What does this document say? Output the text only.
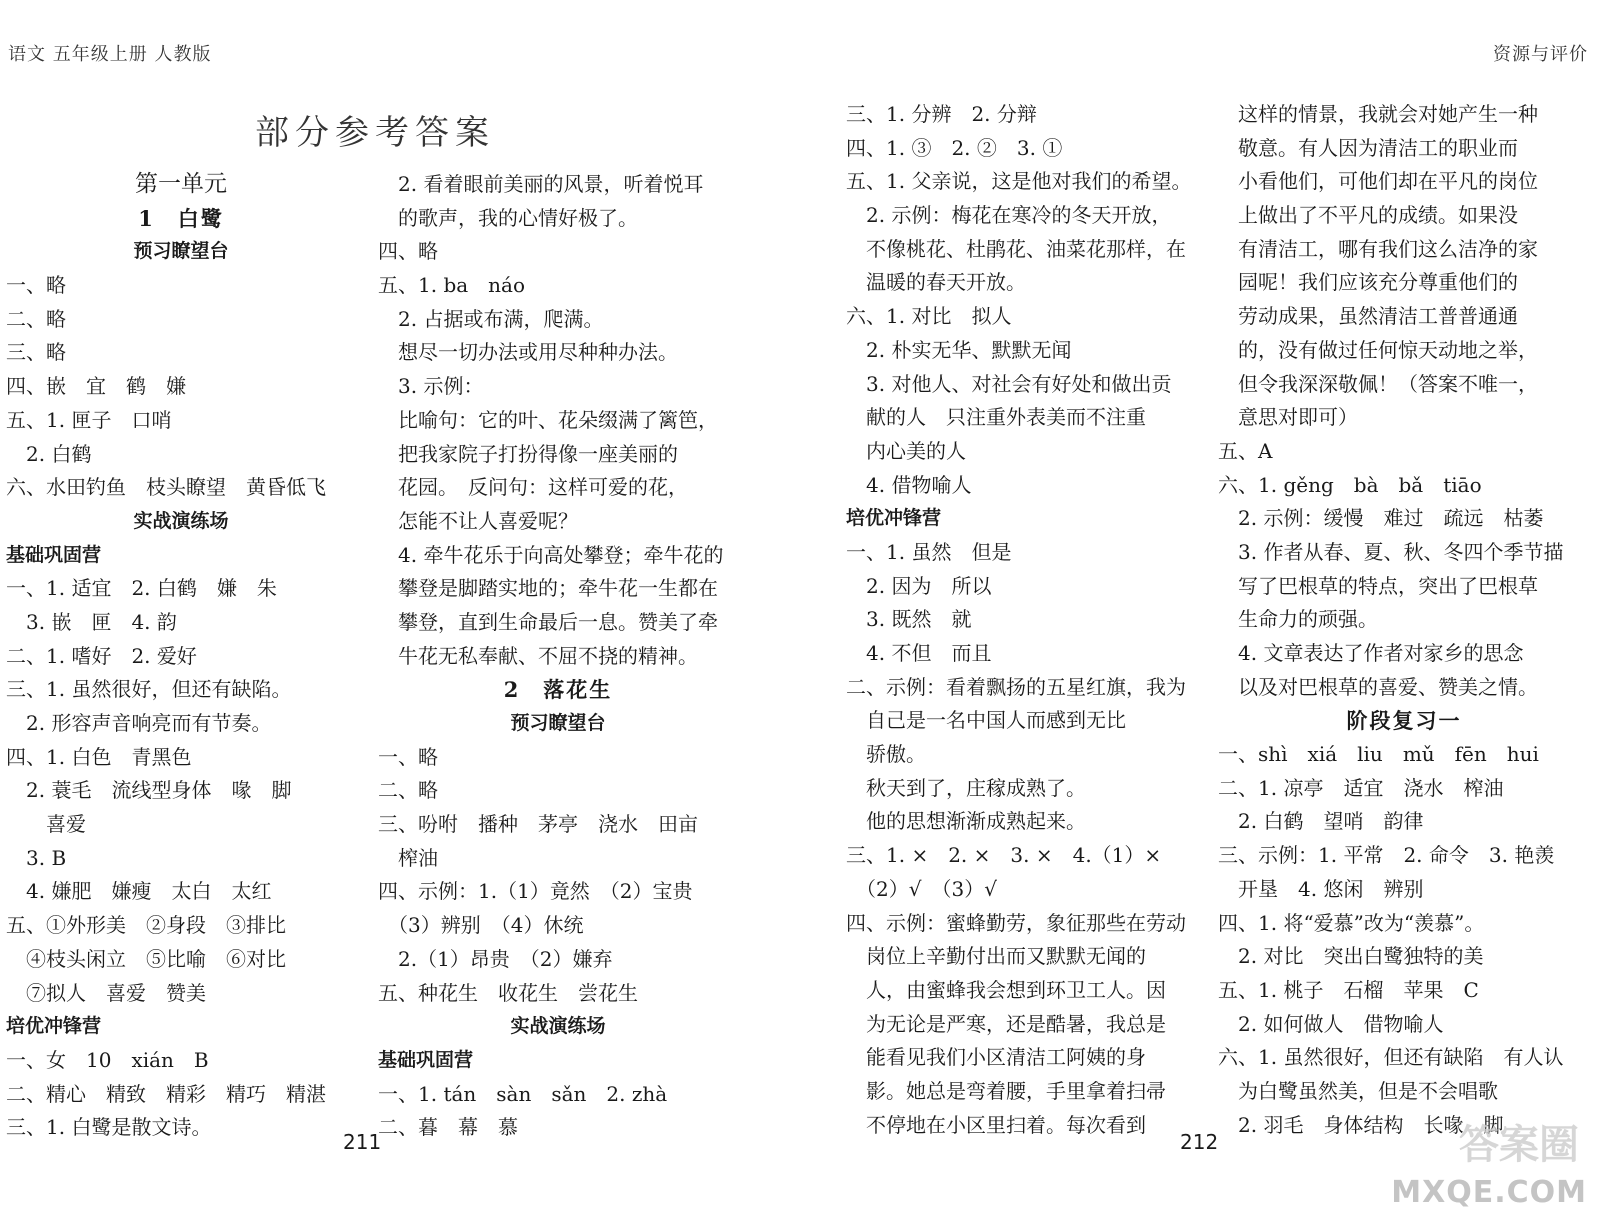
语文 五年级上册 人教版	资源与评价
部分参考答案
第一单元
1　白鹭
预习瞭望台
一、略
二、略
三、略
四、嵌　宜　鹤　嫌
五、1. 匣子　口哨
　2. 白鹤
六、水田钓鱼　枝头瞭望　黄昏低飞
实战演练场
基础巩固营
一、1. 适宜　2. 白鹤　嫌　朱
　3. 嵌　匣　4. 韵
二、1. 嗜好　2. 爱好
三、1. 虽然很好，但还有缺陷。
　2. 形容声音响亮而有节奏。
四、1. 白色　青黑色
　2. 蓑毛　流线型身体　喙　脚
　　喜爱
　3. B
　4. 嫌肥　嫌瘦　太白　太红
五、①外形美　②身段　③排比
　④枝头闲立　⑤比喻　⑥对比
　⑦拟人　喜爱　赞美
培优冲锋营
一、女　10　xián　B
二、精心　精致　精彩　精巧　精湛
三、1. 白鹭是散文诗。
　2. 看着眼前美丽的风景，听着悦耳
　的歌声，我的心情好极了。
四、略
五、1. ba　náo
　2. 占据或布满，爬满。
　想尽一切办法或用尽种种办法。
　3. 示例：
　比喻句：它的叶、花朵缀满了篱笆，
　把我家院子打扮得像一座美丽的
　花园。　反问句：这样可爱的花，
　怎能不让人喜爱呢？
　4. 牵牛花乐于向高处攀登；牵牛花的
　攀登是脚踏实地的；牵牛花一生都在
　攀登，直到生命最后一息。赞美了牵
　牛花无私奉献、不屈不挠的精神。
2　落花生
预习瞭望台
一、略
二、略
三、吩咐　播种　茅亭　浇水　田亩
　榨油
四、示例：1.（1）竟然　（2）宝贵
　（3）辨别　（4）休统
　2.（1）昂贵　（2）嫌弃
五、种花生　收花生　尝花生
实战演练场
基础巩固营
一、1. tán　sàn　sǎn　2. zhà
二、暮　幕　慕
三、1. 分辨　2. 分辩
四、1. ③　2. ②　3. ①
五、1. 父亲说，这是他对我们的希望。
　2. 示例：梅花在寒冷的冬天开放，
　不像桃花、杜鹃花、油菜花那样，在
　温暖的春天开放。
六、1. 对比　拟人
　2. 朴实无华、默默无闻
　3. 对他人、对社会有好处和做出贡
　献的人　只注重外表美而不注重
　内心美的人
　4. 借物喻人
培优冲锋营
一、1. 虽然　但是
　2. 因为　所以
　3. 既然　就
　4. 不但　而且
二、示例：看着飘扬的五星红旗，我为
　自己是一名中国人而感到无比
　骄傲。
　秋天到了，庄稼成熟了。
　他的思想渐渐成熟起来。
三、1. ×　2. ×　3. ×　4.（1）×
　（2）√　（3）√
四、示例：蜜蜂勤劳，象征那些在劳动
　岗位上辛勤付出而又默默无闻的
　人，由蜜蜂我会想到环卫工人。因
　为无论是严寒，还是酷暑，我总是
　能看见我们小区清洁工阿姨的身
　影。她总是弯着腰，手里拿着扫帚
　不停地在小区里扫着。每次看到
　这样的情景，我就会对她产生一种
　敬意。有人因为清洁工的职业而
　小看他们，可他们却在平凡的岗位
　上做出了不平凡的成绩。如果没
　有清洁工，哪有我们这么洁净的家
　园呢！我们应该充分尊重他们的
　劳动成果，虽然清洁工普普通通
　的，没有做过任何惊天动地之举，
　但令我深深敬佩！（答案不唯一，
　意思对即可）
五、A
六、1. gěng　bà　bǎ　tiāo
　2. 示例：缓慢　难过　疏远　枯萎
　3. 作者从春、夏、秋、冬四个季节描
　写了巴根草的特点，突出了巴根草
　生命力的顽强。
　4. 文章表达了作者对家乡的思念
　以及对巴根草的喜爱、赞美之情。
阶段复习一
一、shì　xiá　liu　mǔ　fēn　hui
二、1. 凉亭　适宜　浇水　榨油
　2. 白鹤　望哨　韵律
三、示例：1. 平常　2. 命令　3. 艳羡
　开垦　4. 悠闲　辨别
四、1. 将“爱慕”改为“羡慕”。
　2. 对比　突出白鹭独特的美
五、1. 桃子　石榴　苹果　C
　2. 如何做人　借物喻人
六、1. 虽然很好，但还有缺陷　有人认
　为白鹭虽然美，但是不会唱歌
　2. 羽毛　身体结构　长喙　脚
211	212	答案圈
MXQE.COM
